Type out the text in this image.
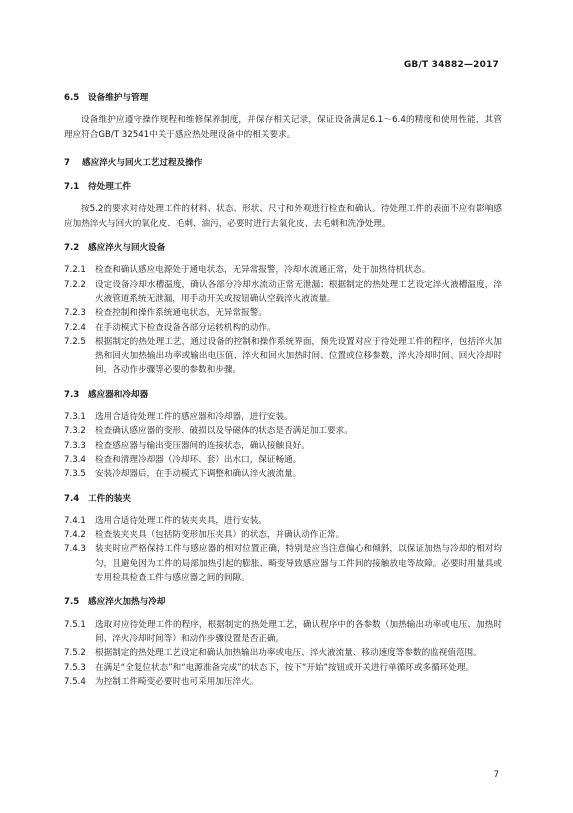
GB/T 34882—2017
6.5	设备维护与管理

设备维护应遵守操作规程和维修保养制度，并保存相关记录，保证设备满足6.1～6.4的精度和使用性能，其管理应符合GB/T 32541中关于感应热处理设备中的相关要求。

7	感应淬火与回火工艺过程及操作
7.1	待处理工件

按5.2的要求对待处理工件的材料、状态、形状、尺寸和外观进行检查和确认。待处理工件的表面不应有影响感应加热淬火与回火的氧化皮、毛刺、油污，必要时进行去氧化皮、去毛刺和洗净处理。

7.2	感应淬火与回火设备
7.2.1	检查和确认感应电源处于通电状态，无异常报警，冷却水流通正常，处于加热待机状态。
7.2.2	设定设备冷却水槽温度，确认各部分冷却水流动正常无泄漏；根据制定的热处理工艺设定淬火液槽温度，淬火液管道系统无泄漏，用手动开关或按钮确认空载淬火液流量。
7.2.3	检查控制和操作系统通电状态，无异常报警。
7.2.4	在手动模式下检查设备各部分运转机构的动作。
7.2.5	根据制定的热处理工艺，通过设备的控制和操作系统界面，预先设置对应于待处理工件的程序，包括淬火加热和回火加热输出功率或输出电压值、淬火和回火加热时间、位置或位移参数、淬火冷却时间、回火冷却时间，各动作步骤等必要的参数和步骤。
7.3	感应器和冷却器
7.3.1	选用合适待处理工件的感应器和冷却器，进行安装。
7.3.2	检查确认感应器的变形、破损以及导磁体的状态是否满足加工要求。
7.3.3	检查感应器与输出变压器间的连接状态，确认接触良好。
7.3.4	检查和清理冷却器（冷却环、套）出水口，保证畅通。
7.3.5	安装冷却器后，在手动模式下调整和确认淬火液流量。
7.4	工件的装夹
7.4.1	选用合适待处理工件的装夹夹具，进行安装。
7.4.2	检查装夹夹具（包括防变形加压夹具）的状态，并确认动作正常。
7.4.3	装夹时应严格保持工件与感应器的相对位置正确，特别是应当注意偏心和倾斜，以保证加热与冷却的相对均匀，且避免因为工件的局部加热引起的膨胀、畸变导致感应器与工件间的接触放电等故障。必要时用量具或专用检具检查工件与感应器之间的间隙。
7.5	感应淬火加热与冷却
7.5.1	选取对应待处理工件的程序，根据制定的热处理工艺，确认程序中的各参数（加热输出功率或电压、加热时间、淬火冷却时间等）和动作步骤设置是否正确。
7.5.2	根据制定的热处理工艺设定和确认加热输出功率或电压、淬火液流量、移动速度等参数的监视值范围。
7.5.3	在满足“全复位状态”和“电源准备完成”的状态下，按下“开始”按钮或开关进行单循环或多循环处理。
7.5.4	为控制工件畸变必要时也可采用加压淬火。
7
